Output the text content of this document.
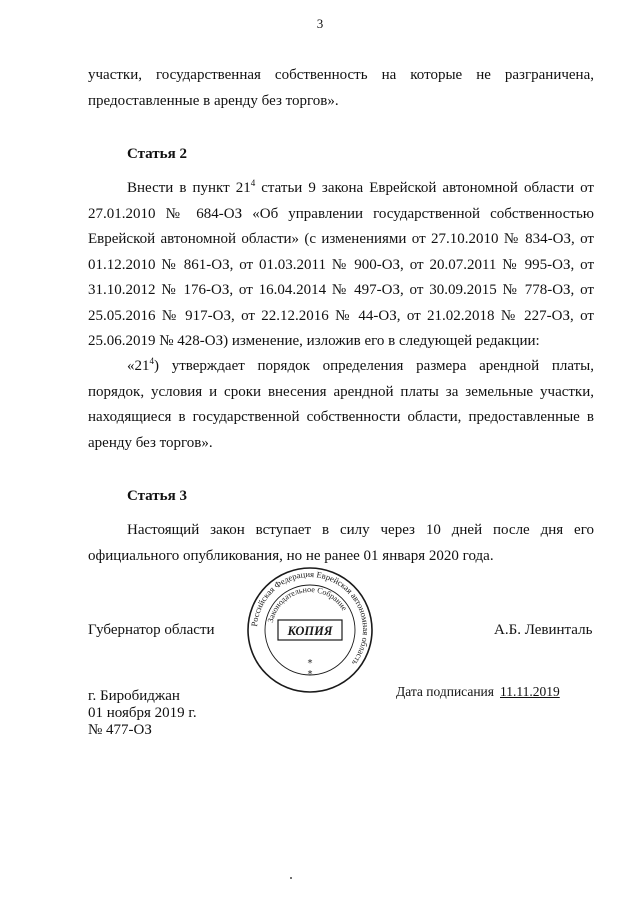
3
участки, государственная собственность на которые не разграничена,
предоставленные в аренду без торгов».
Статья 2
Внести в пункт $21^4$ статьи 9 закона Еврейской автономной области от
27.01.2010 № 684-ОЗ «Об управлении государственной собственностью
Еврейской автономной области» (с изменениями от 27.10.2010 № 834-ОЗ, от
01.12.2010 № 861-ОЗ, от 01.03.2011 № 900-ОЗ, от 20.07.2011 № 995-ОЗ, от
31.10.2012 № 176-ОЗ, от 16.04.2014 № 497-ОЗ, от 30.09.2015 № 778-ОЗ, от
25.05.2016 № 917-ОЗ, от 22.12.2016 № 44-ОЗ, от 21.02.2018 № 227-ОЗ, от
25.06.2019 № 428-ОЗ) изменение, изложив его в следующей редакции:
«$21^4$) утверждает порядок определения размера арендной платы,
порядок, условия и сроки внесения арендной платы за земельные участки,
находящиеся в государственной собственности области, предоставленные в
аренду без торгов».
Статья 3
Настоящий закон вступает в силу через 10 дней после дня его
официального опубликования, но не ранее 01 января 2020 года.
Губернатор области	А.Б. Левинталь
Российская Федерация Еврейская автономная область
Законодательное Собрание
КОПИЯ
*
*
Дата подписания 11.11.2019
г. Биробиджан
01 ноября 2019 г.
№ 477-ОЗ
